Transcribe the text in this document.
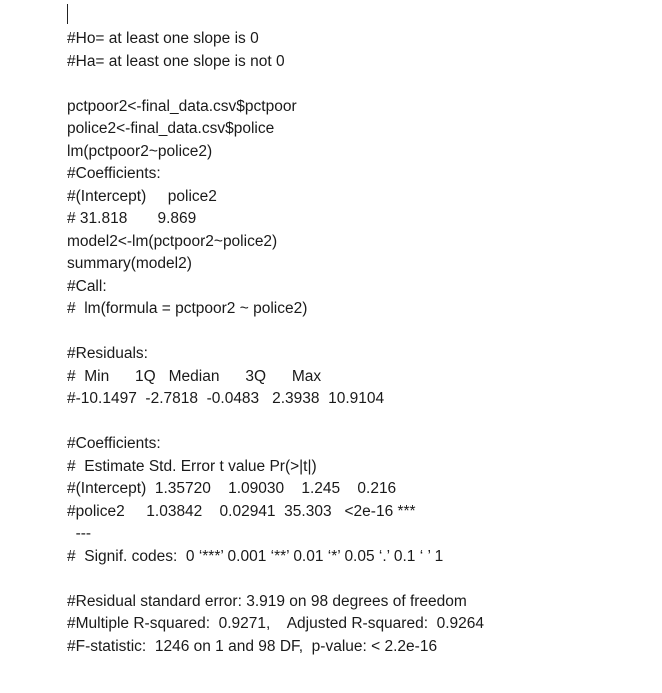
#Ho= at least one slope is 0
#Ha= at least one slope is not 0
pctpoor2<-final_data.csv$pctpoor
police2<-final_data.csv$police
lm(pctpoor2~police2)
#Coefficients:
#(Intercept)     police2
# 31.818       9.869
model2<-lm(pctpoor2~police2)
summary(model2)
#Call:
#  lm(formula = pctpoor2 ~ police2)
#Residuals:
#  Min      1Q   Median      3Q      Max
#-10.1497  -2.7818  -0.0483   2.3938  10.9104
#Coefficients:
#  Estimate Std. Error t value Pr(>|t|)
#(Intercept)  1.35720    1.09030    1.245    0.216
#police2     1.03842    0.02941  35.303   <2e-16 ***
---
#  Signif. codes:  0 ‘***’ 0.001 ‘**’ 0.01 ‘*’ 0.05 ‘.’ 0.1 ‘ ’ 1
#Residual standard error: 3.919 on 98 degrees of freedom
#Multiple R-squared:  0.9271,    Adjusted R-squared:  0.9264
#F-statistic:  1246 on 1 and 98 DF,  p-value: < 2.2e-16
